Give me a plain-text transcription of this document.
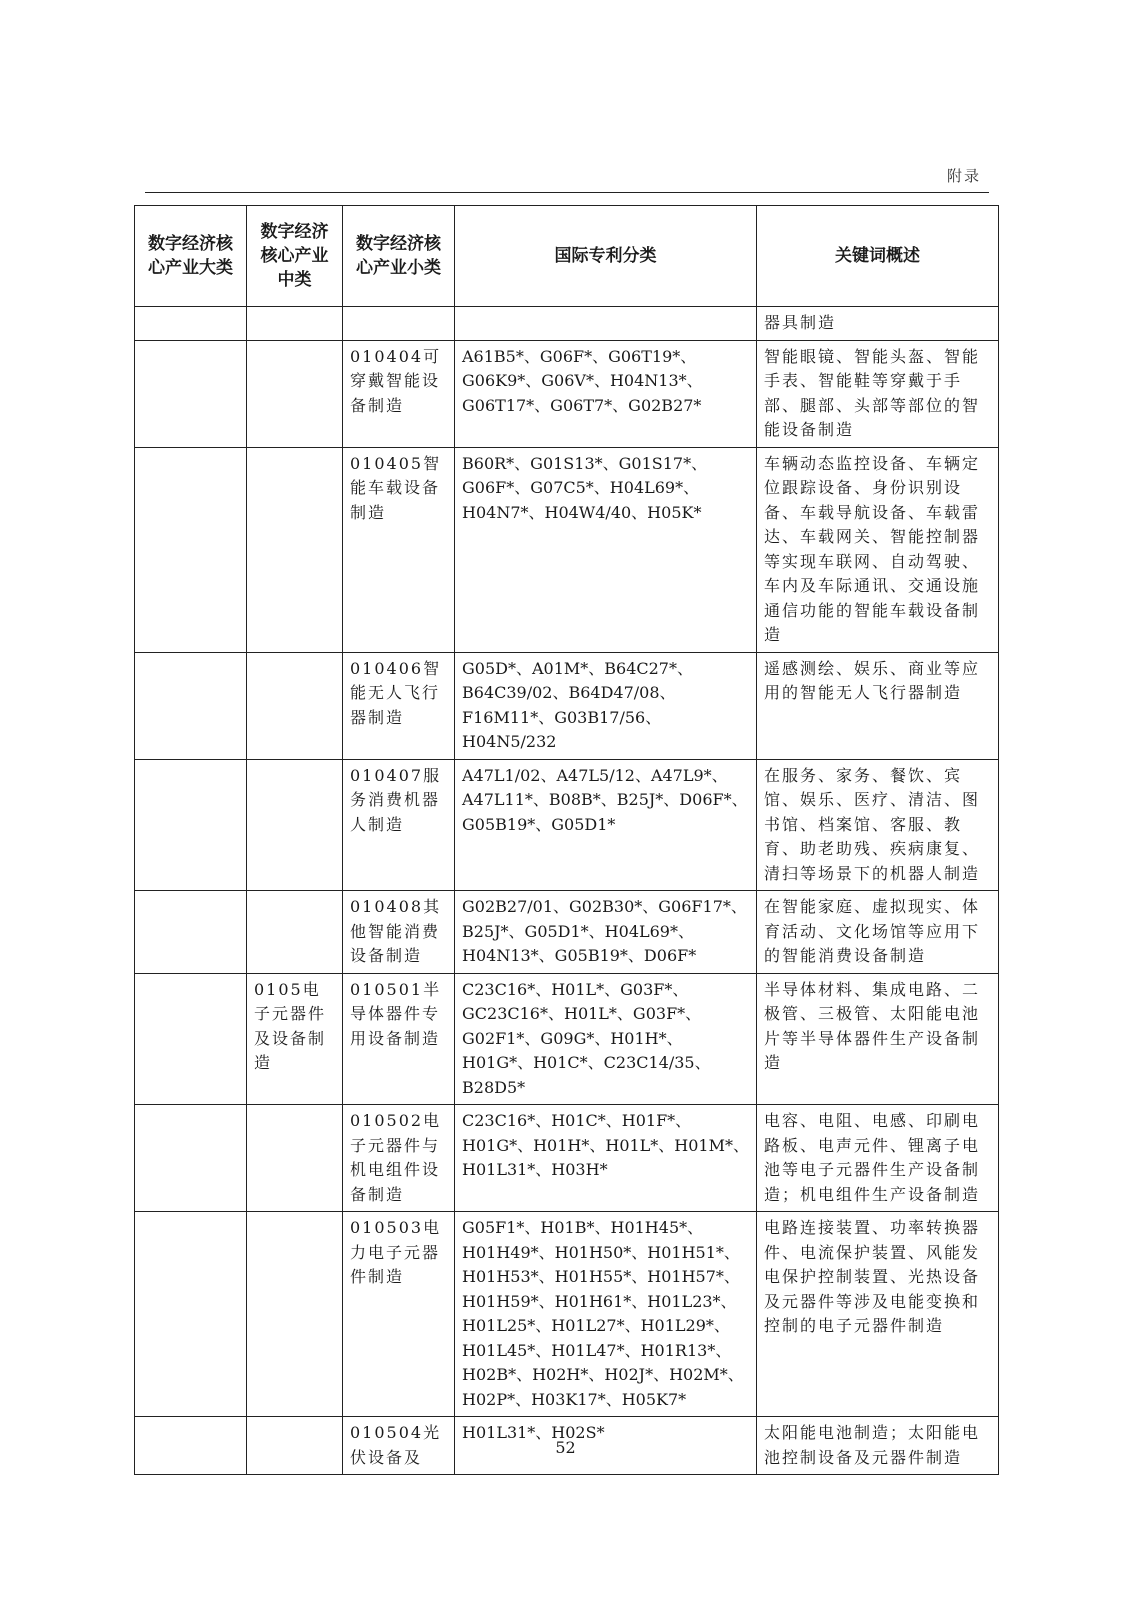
附录
数字经济核心产业大类	数字经济核心产业中类	数字经济核心产业小类	国际专利分类	关键词概述
				器具制造
		010404可穿戴智能设备制造	A61B5*、G06F*、G06T19*、G06K9*、G06V*、H04N13*、G06T17*、G06T7*、G02B27*	智能眼镜、智能头盔、智能手表、智能鞋等穿戴于手部、腿部、头部等部位的智能设备制造
		010405智能车载设备制造	B60R*、G01S13*、G01S17*、G06F*、G07C5*、H04L69*、H04N7*、H04W4/40、H05K*	车辆动态监控设备、车辆定位跟踪设备、身份识别设备、车载导航设备、车载雷达、车载网关、智能控制器等实现车联网、自动驾驶、车内及车际通讯、交通设施通信功能的智能车载设备制造
		010406智能无人飞行器制造	G05D*、A01M*、B64C27*、B64C39/02、B64D47/08、F16M11*、G03B17/56、H04N5/232	遥感测绘、娱乐、商业等应用的智能无人飞行器制造
		010407服务消费机器人制造	A47L1/02、A47L5/12、A47L9*、A47L11*、B08B*、B25J*、D06F*、G05B19*、G05D1*	在服务、家务、餐饮、宾馆、娱乐、医疗、清洁、图书馆、档案馆、客服、教育、助老助残、疾病康复、清扫等场景下的机器人制造
		010408其他智能消费设备制造	G02B27/01、G02B30*、G06F17*、B25J*、G05D1*、H04L69*、H04N13*、G05B19*、D06F*	在智能家庭、虚拟现实、体育活动、文化场馆等应用下的智能消费设备制造
	0105电子元器件及设备制造	010501半导体器件专用设备制造	C23C16*、H01L*、G03F*、GC23C16*、H01L*、G03F*、G02F1*、G09G*、H01H*、H01G*、H01C*、C23C14/35、B28D5*	半导体材料、集成电路、二极管、三极管、太阳能电池片等半导体器件生产设备制造
		010502电子元器件与机电组件设备制造	C23C16*、H01C*、H01F*、H01G*、H01H*、H01L*、H01M*、H01L31*、H03H*	电容、电阻、电感、印刷电路板、电声元件、锂离子电池等电子元器件生产设备制造；机电组件生产设备制造
		010503电力电子元器件制造	G05F1*、H01B*、H01H45*、H01H49*、H01H50*、H01H51*、H01H53*、H01H55*、H01H57*、H01H59*、H01H61*、H01L23*、H01L25*、H01L27*、H01L29*、H01L45*、H01L47*、H01R13*、H02B*、H02H*、H02J*、H02M*、H02P*、H03K17*、H05K7*	电路连接装置、功率转换器件、电流保护装置、风能发电保护控制装置、光热设备及元器件等涉及电能变换和控制的电子元器件制造
		010504光伏设备及	H01L31*、H02S*	太阳能电池制造；太阳能电池控制设备及元器件制造
52
